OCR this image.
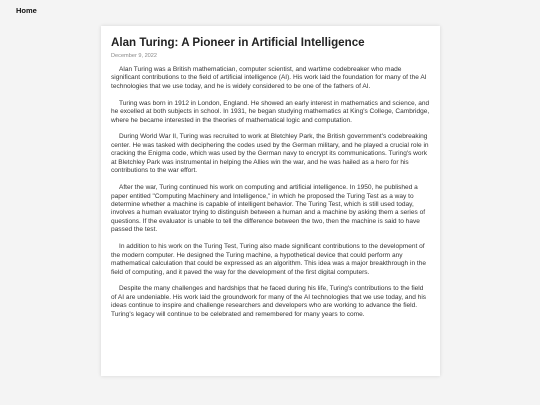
Home
Alan Turing: A Pioneer in Artificial Intelligence
December 9, 2022

Alan Turing was a British mathematician, computer scientist, and wartime codebreaker who made significant contributions to the field of artificial intelligence (AI). His work laid the foundation for many of the AI technologies that we use today, and he is widely considered to be one of the fathers of AI.

Turing was born in 1912 in London, England. He showed an early interest in mathematics and science, and he excelled at both subjects in school. In 1931, he began studying mathematics at King's College, Cambridge, where he became interested in the theories of mathematical logic and computation.

During World War II, Turing was recruited to work at Bletchley Park, the British government's codebreaking center. He was tasked with deciphering the codes used by the German military, and he played a crucial role in cracking the Enigma code, which was used by the German navy to encrypt its communications. Turing's work at Bletchley Park was instrumental in helping the Allies win the war, and he was hailed as a hero for his contributions to the war effort.

After the war, Turing continued his work on computing and artificial intelligence. In 1950, he published a paper entitled "Computing Machinery and Intelligence," in which he proposed the Turing Test as a way to determine whether a machine is capable of intelligent behavior. The Turing Test, which is still used today, involves a human evaluator trying to distinguish between a human and a machine by asking them a series of questions. If the evaluator is unable to tell the difference between the two, then the machine is said to have passed the test.

In addition to his work on the Turing Test, Turing also made significant contributions to the development of the modern computer. He designed the Turing machine, a hypothetical device that could perform any mathematical calculation that could be expressed as an algorithm. This idea was a major breakthrough in the field of computing, and it paved the way for the development of the first digital computers.

Despite the many challenges and hardships that he faced during his life, Turing's contributions to the field of AI are undeniable. His work laid the groundwork for many of the AI technologies that we use today, and his ideas continue to inspire and challenge researchers and developers who are working to advance the field. Turing's legacy will continue to be celebrated and remembered for many years to come.
